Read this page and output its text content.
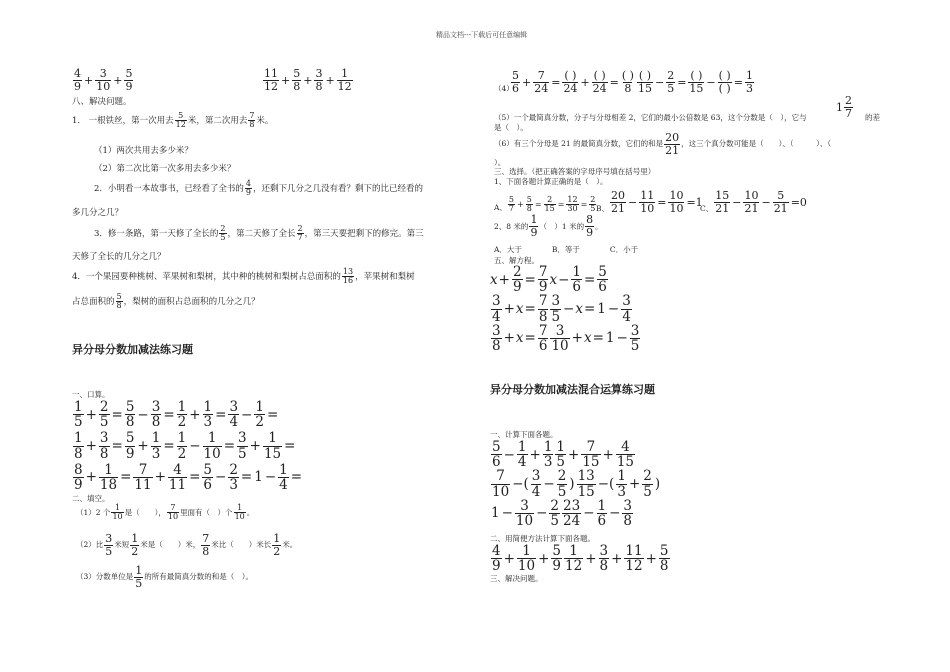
精品文档---下载后可任意编辑
$\frac{4}{9} + \frac{3}{10} + \frac{5}{9}$	$\frac{11}{12} + \frac{5}{8} + \frac{3}{8} + \frac{1}{12}$
八、解决问题。
1.　一根铁丝，第一次用去 $\frac{5}{12}$ 米，第二次用去 $\frac{7}{8}$ 米。
（1）两次共用去多少米？
（2）第二次比第一次多用去多少米？
2．小明看一本故事书，已经看了全书的 $\frac{4}{9}$ ，还剩下几分之几没有看？剩下的比已经看的
多几分之几？
3．修一条路，第一天修了全长的 $\frac{2}{5}$ ，第二天修了全长 $\frac{2}{7}$ ，第三天要把剩下的修完。第三
天修了全长的几分之几？
4．一个果园要种桃树、苹果树和梨树，其中种的桃树和梨树占总面积的 $\frac{13}{16}$ ，苹果树和梨树
占总面积的 $\frac{5}{8}$ ，梨树的面积占总面积的几分之几？
异分母分数加减法练习题
一、口算。
$\frac{1}{5} + \frac{2}{5} = \frac{5}{8} - \frac{3}{8} = \frac{1}{2} + \frac{1}{3} = \frac{3}{4} - \frac{1}{2}$ =
$\frac{1}{8} + \frac{3}{8} = \frac{5}{9} + \frac{1}{3} = \frac{1}{2} - \frac{1}{10} = \frac{3}{5} + \frac{1}{15}$ =
$\frac{8}{9} + \frac{1}{18} = \frac{7}{11} + \frac{4}{11} = \frac{5}{6} - \frac{2}{3} = 1 - \frac{1}{4}$ =
二、填空。
（1）2 个 $\frac{1}{10}$ 是（　　）， $\frac{7}{10}$ 里面有（　）个 $\frac{1}{10}$ 。
（2）比 $\frac{3}{5}$ 米短 $\frac{1}{2}$ 米是（　　）米， $\frac{7}{8}$ 米比（　　）米长 $\frac{1}{2}$ 米。
（3）分数单位是 $\frac{1}{5}$ 的所有最简真分数的和是（　）。
（4）
$\frac{5}{6} + \frac{7}{24}$ =
( )
24 +
( )
24 =
( )
8
( )
$15 - \frac{2}{5}$ =
( )
15 −
( )
( ) = $\frac{1}{3}$
$1 \frac{2}{7}$
（5）一个最简真分数，分子与分母相差 2，它们的最小公倍数是 63，这个分数是（　），它与	的差
是（　）。
（6）有三个分母是 21 的最简真分数，它们的和是 $\frac{20}{21}$ ，这三个真分数可能是（　　）、（　　　）、（
）。
三、选择。（把正确答案的字母序号填在括号里）
1、下面各题计算正确的是（　）。
A、 $\frac{5}{7} + \frac{5}{8} = \frac{2}{15} = \frac{12}{30} = \frac{2}{5}$ B、 $\frac{20}{21} - \frac{11}{10} = \frac{10}{10} =1$
C、 $\frac{15}{21} - \frac{10}{21} - \frac{5}{21} =0$
2、8 米的 $\frac{1}{9}$ （　）1 米的 $\frac{8}{9}$ 。
A．大于　　　　B．等于　　　　C．小于
五、解方程。
$x + \frac{2}{9} = \frac{7}{9}$ $x - \frac{1}{6} = \frac{5}{6}$
$\frac{3}{4} + x = \frac{7}{8} \frac{3}{5} - x = 1 - \frac{3}{4}$
$\frac{3}{8} + x = \frac{7}{6} \frac{3}{10} + x = 1 - \frac{3}{5}$
异分母分数加减法混合运算练习题
一、计算下面各题。
$\frac{5}{6} - \frac{1}{4} + \frac{1}{3} \frac{1}{5} + \frac{7}{15} + \frac{4}{15}$
$\frac{7}{10}$ −( $\frac{3}{4} - \frac{2}{5}$ ) $\frac{13}{15}$ −( $\frac{1}{3} + \frac{2}{5}$ )
$1 - \frac{3}{10} - \frac{2}{5} \frac{23}{24} - \frac{1}{6} - \frac{3}{8}$
二、用简便方法计算下面各题。
$\frac{4}{9} + \frac{1}{10} + \frac{5}{9} \frac{1}{12} + \frac{3}{8} + \frac{11}{12} + \frac{5}{8}$
三、解决问题。
